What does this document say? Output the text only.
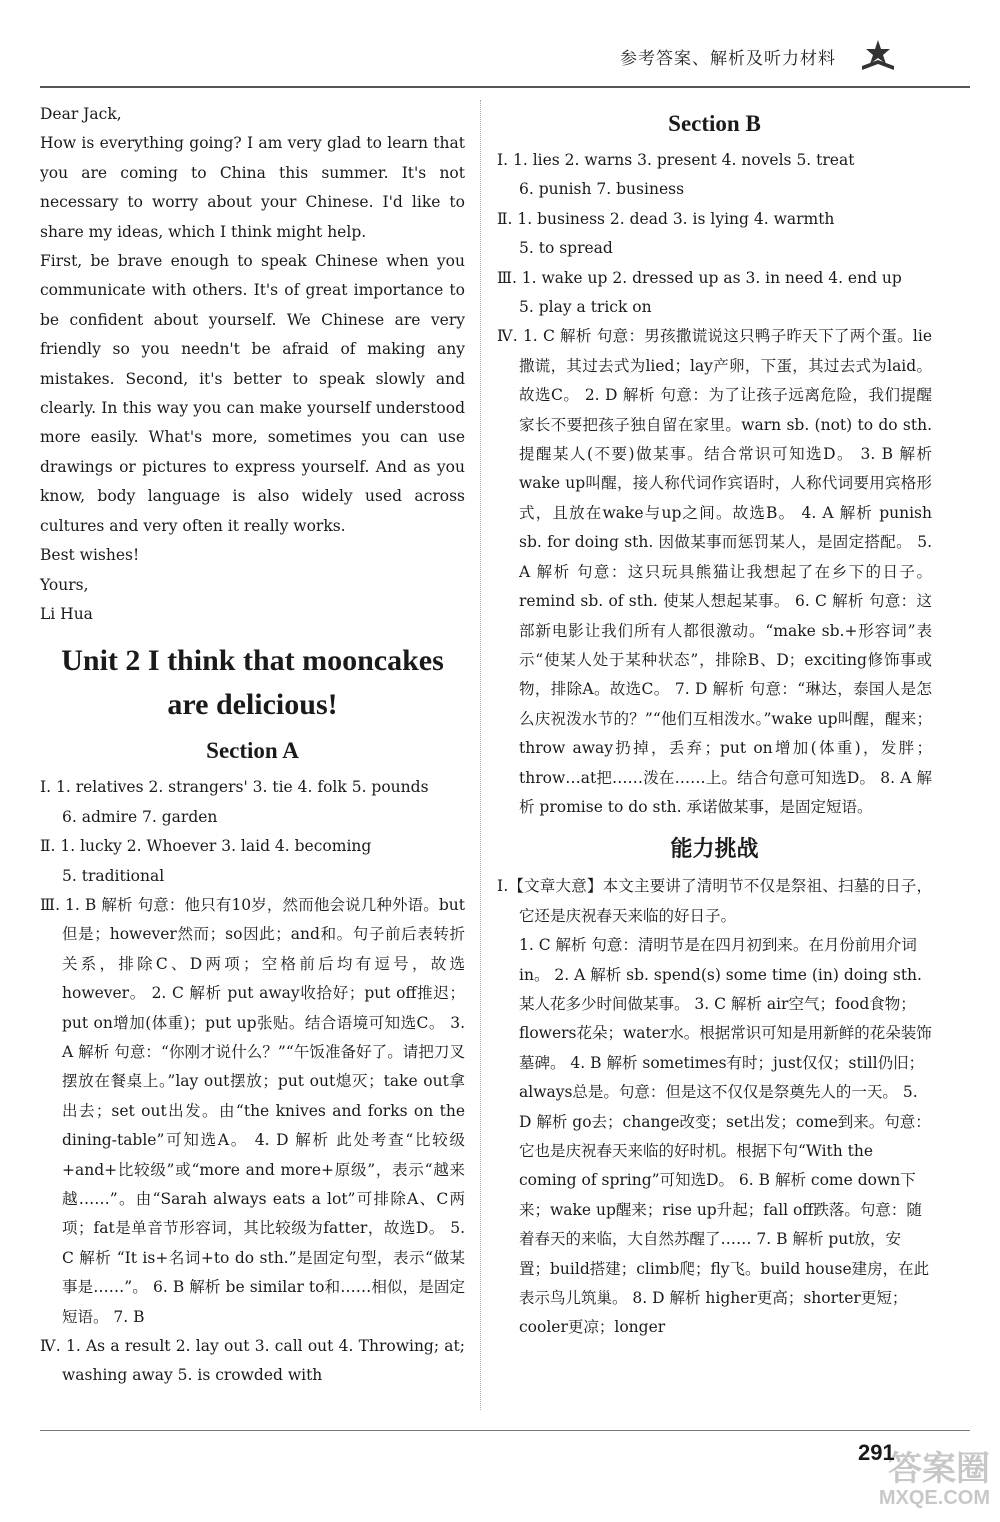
参考答案、解析及听力材料

Dear Jack,

How is everything going? I am very glad to learn that you are coming to China this summer. It's not necessary to worry about your Chinese. I'd like to share my ideas, which I think might help.

First, be brave enough to speak Chinese when you communicate with others. It's of great importance to be confident about yourself. We Chinese are very friendly so you needn't be afraid of making any mistakes. Second, it's better to speak slowly and clearly. In this way you can make yourself understood more easily. What's more, sometimes you can use drawings or pictures to express yourself. And as you know, body language is also widely used across cultures and very often it really works.

Best wishes!

Yours,

Li Hua

Unit 2 I think that mooncakes
are delicious!
Section A

Ⅰ. 1. relatives 2. strangers' 3. tie 4. folk 5. pounds

6. admire 7. garden

Ⅱ. 1. lucky 2. Whoever 3. laid 4. becoming

5. traditional

Ⅲ. 1. B 解析 句意：他只有10岁，然而他会说几种外语。but但是；however然而；so因此；and和。句子前后表转折关系，排除C、D两项；空格前后均有逗号，故选however。 2. C 解析 put away收拾好；put off推迟；put on增加(体重)；put up张贴。结合语境可知选C。 3. A 解析 句意：“你刚才说什么？”“午饭准备好了。请把刀叉摆放在餐桌上。”lay out摆放；put out熄灭；take out拿出去；set out出发。由“the knives and forks on the dining-table”可知选A。 4. D 解析 此处考查“比较级+and+比较级”或“more and more+原级”，表示“越来越……”。由“Sarah always eats a lot”可排除A、C两项；fat是单音节形容词，其比较级为fatter，故选D。 5. C 解析 “It is+名词+to do sth.”是固定句型，表示“做某事是……”。 6. B 解析 be similar to和……相似，是固定短语。 7. B

Ⅳ. 1. As a result 2. lay out 3. call out 4. Throwing; at; washing away 5. is crowded with

Section B

Ⅰ. 1. lies 2. warns 3. present 4. novels 5. treat

6. punish 7. business

Ⅱ. 1. business 2. dead 3. is lying 4. warmth

5. to spread

Ⅲ. 1. wake up 2. dressed up as 3. in need 4. end up

5. play a trick on

Ⅳ. 1. C 解析 句意：男孩撒谎说这只鸭子昨天下了两个蛋。lie撒谎，其过去式为lied；lay产卵，下蛋，其过去式为laid。故选C。 2. D 解析 句意：为了让孩子远离危险，我们提醒家长不要把孩子独自留在家里。warn sb. (not) to do sth. 提醒某人(不要)做某事。结合常识可知选D。 3. B 解析 wake up叫醒，接人称代词作宾语时，人称代词要用宾格形式，且放在wake与up之间。故选B。 4. A 解析 punish sb. for doing sth. 因做某事而惩罚某人，是固定搭配。 5. A 解析 句意：这只玩具熊猫让我想起了在乡下的日子。remind sb. of sth. 使某人想起某事。 6. C 解析 句意：这部新电影让我们所有人都很激动。“make sb.+形容词”表示“使某人处于某种状态”，排除B、D；exciting修饰事或物，排除A。故选C。 7. D 解析 句意：“琳达，泰国人是怎么庆祝泼水节的？”“他们互相泼水。”wake up叫醒，醒来；throw away扔掉，丢弃；put on增加(体重)，发胖；throw…at把……泼在……上。结合句意可知选D。 8. A 解析 promise to do sth. 承诺做某事，是固定短语。

能力挑战

Ⅰ.【文章大意】本文主要讲了清明节不仅是祭祖、扫墓的日子，它还是庆祝春天来临的好日子。

1. C 解析 句意：清明节是在四月初到来。在月份前用介词in。 2. A 解析 sb. spend(s) some time (in) doing sth. 某人花多少时间做某事。 3. C 解析 air空气；food食物；flowers花朵；water水。根据常识可知是用新鲜的花朵装饰墓碑。 4. B 解析 sometimes有时；just仅仅；still仍旧；always总是。句意：但是这不仅仅是祭奠先人的一天。 5. D 解析 go去；change改变；set出发；come到来。句意：它也是庆祝春天来临的好时机。根据下句“With the coming of spring”可知选D。 6. B 解析 come down下来；wake up醒来；rise up升起；fall off跌落。句意：随着春天的来临，大自然苏醒了…… 7. B 解析 put放，安置；build搭建；climb爬；fly飞。build house建房，在此表示鸟儿筑巢。 8. D 解析 higher更高；shorter更短；cooler更凉；longer

291
答案圈
MXQE.COM
